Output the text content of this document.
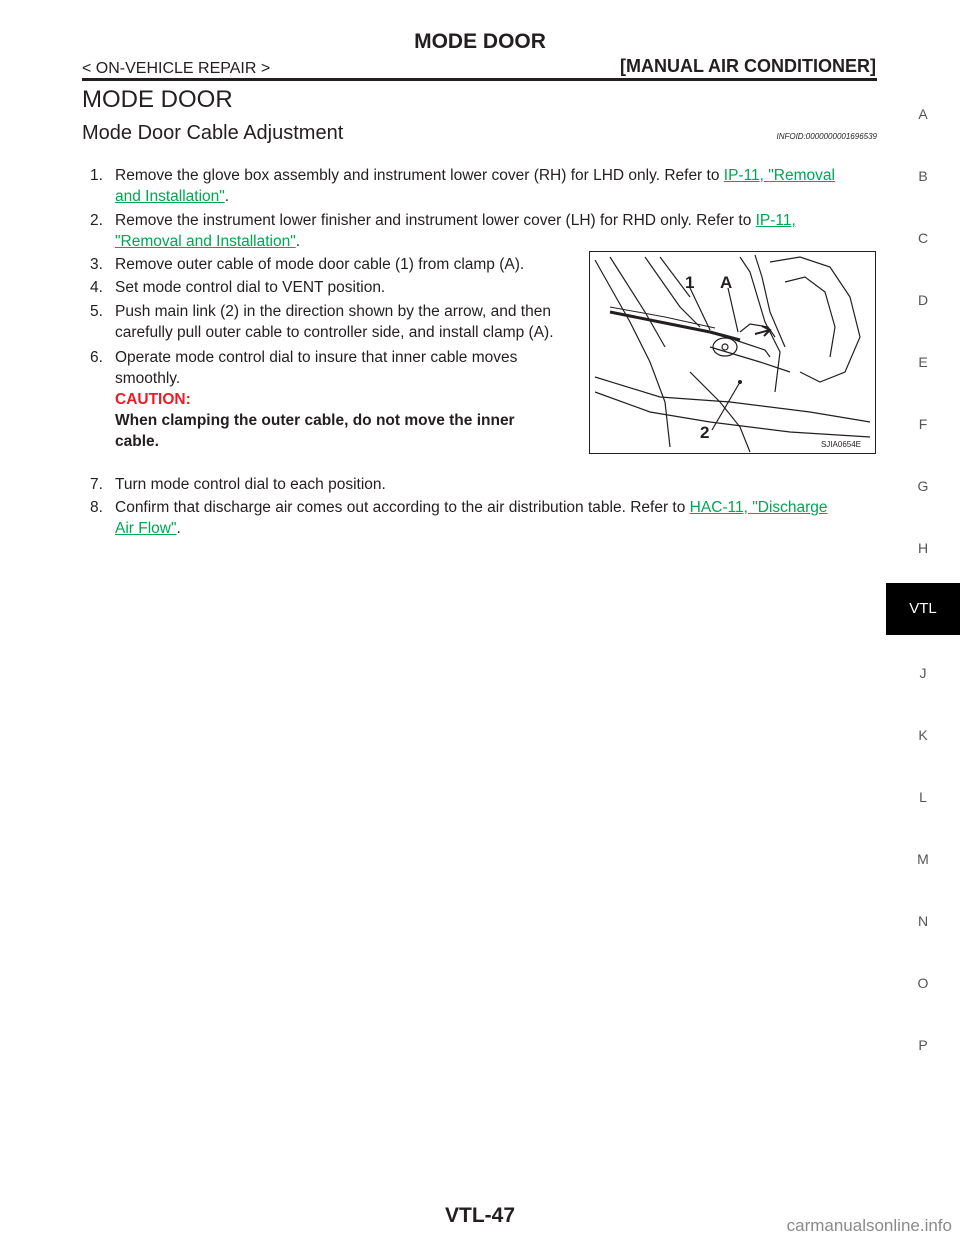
MODE DOOR
< ON-VEHICLE REPAIR >	[MANUAL AIR CONDITIONER]
MODE DOOR
Mode Door Cable Adjustment	INFOID:0000000001696539
1. Remove the glove box assembly and instrument lower cover (RH) for LHD only. Refer to IP-11, "Removal
and Installation".
2. Remove the instrument lower finisher and instrument lower cover (LH) for RHD only. Refer to IP-11,
"Removal and Installation".
3. Remove outer cable of mode door cable (1) from clamp (A).
4. Set mode control dial to VENT position.
5. Push main link (2) in the direction shown by the arrow, and then
carefully pull outer cable to controller side, and install clamp (A).
6. Operate mode control dial to insure that inner cable moves
smoothly.
CAUTION:
When clamping the outer cable, do not move the inner
cable.
1 A
2
SJIA0654E
7. Turn mode control dial to each position.
8. Confirm that discharge air comes out according to the air distribution table. Refer to HAC-11, "Discharge
Air Flow".
A
B
C
D
E
F
G
H
VTL
J
K
L
M
N
O
P
VTL-47	carmanualsonline.info
